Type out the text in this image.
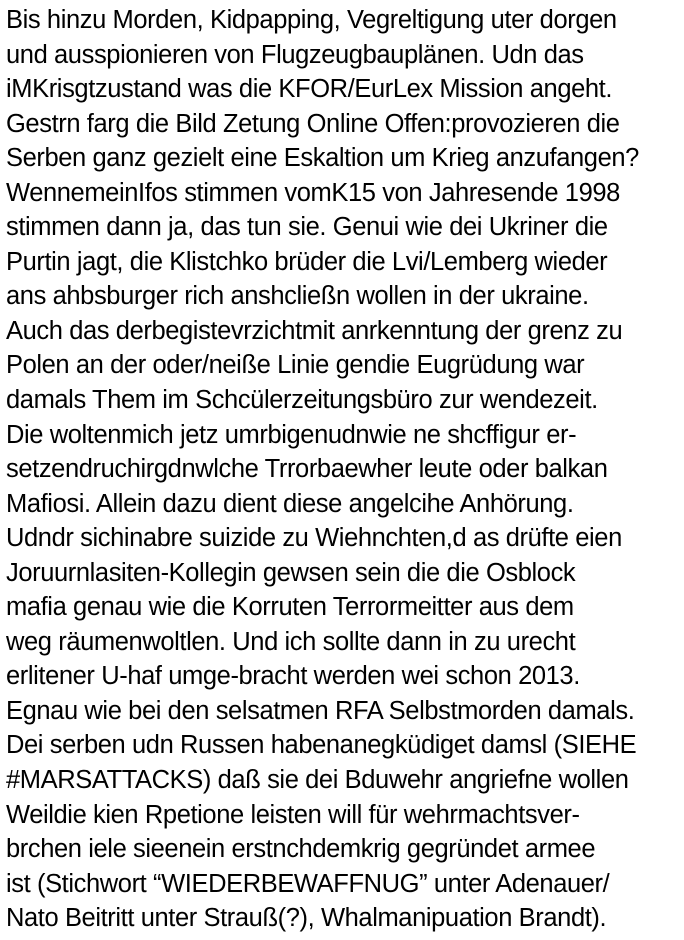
Bis hinzu Morden, Kidpapping, Vegreltigung uter dorgen
und ausspionieren von Flugzeugbauplänen. Udn das
iMKrisgtzustand was die KFOR/EurLex Mission angeht.
Gestrn farg die Bild Zetung Online Offen:provozieren die
Serben ganz gezielt eine Eskaltion um Krieg anzufangen?
WennemeinIfos stimmen vomK15 von Jahresende 1998
stimmen dann ja, das tun sie. Genui wie dei Ukriner die
Purtin jagt, die Klistchko brüder die Lvi/Lemberg wieder
ans ahbsburger rich anshcließn wollen in der ukraine.
Auch das derbegistevrzichtmit anrkenntung der grenz zu
Polen an der oder/neiße Linie gendie Eugrüdung war
damals Them im Schcülerzeitungsbüro zur wendezeit.
Die woltenmich jetz umrbigenudnwie ne shcffigur er-
setzendruchirgdnwlche Trrorbaewher leute oder balkan
Mafiosi. Allein dazu dient diese angelcihe Anhörung.
Udndr sichinabre suizide zu Wiehnchten,d as drüfte eien
Joruurnlasiten-Kollegin gewsen sein die die Osblock
mafia genau wie die Korruten Terrormeitter aus dem
weg räumenwoltlen. Und ich sollte dann in zu urecht
erlitener U-haf umge-bracht werden wei schon 2013.
Egnau wie bei den selsatmen RFA Selbstmorden damals.
Dei serben udn Russen habenanegküdiget damsl (SIEHE
#MARSATTACKS) daß sie dei Bduwehr angriefne wollen
Weildie kien Rpetione leisten will für wehrmachtsver-
brchen iele sieenein erstnchdemkrig gegründet armee
ist (Stichwort “WIEDERBEWAFFNUG” unter Adenauer/
Nato Beitritt unter Strauß(?), Whalmanipuation Brandt).
